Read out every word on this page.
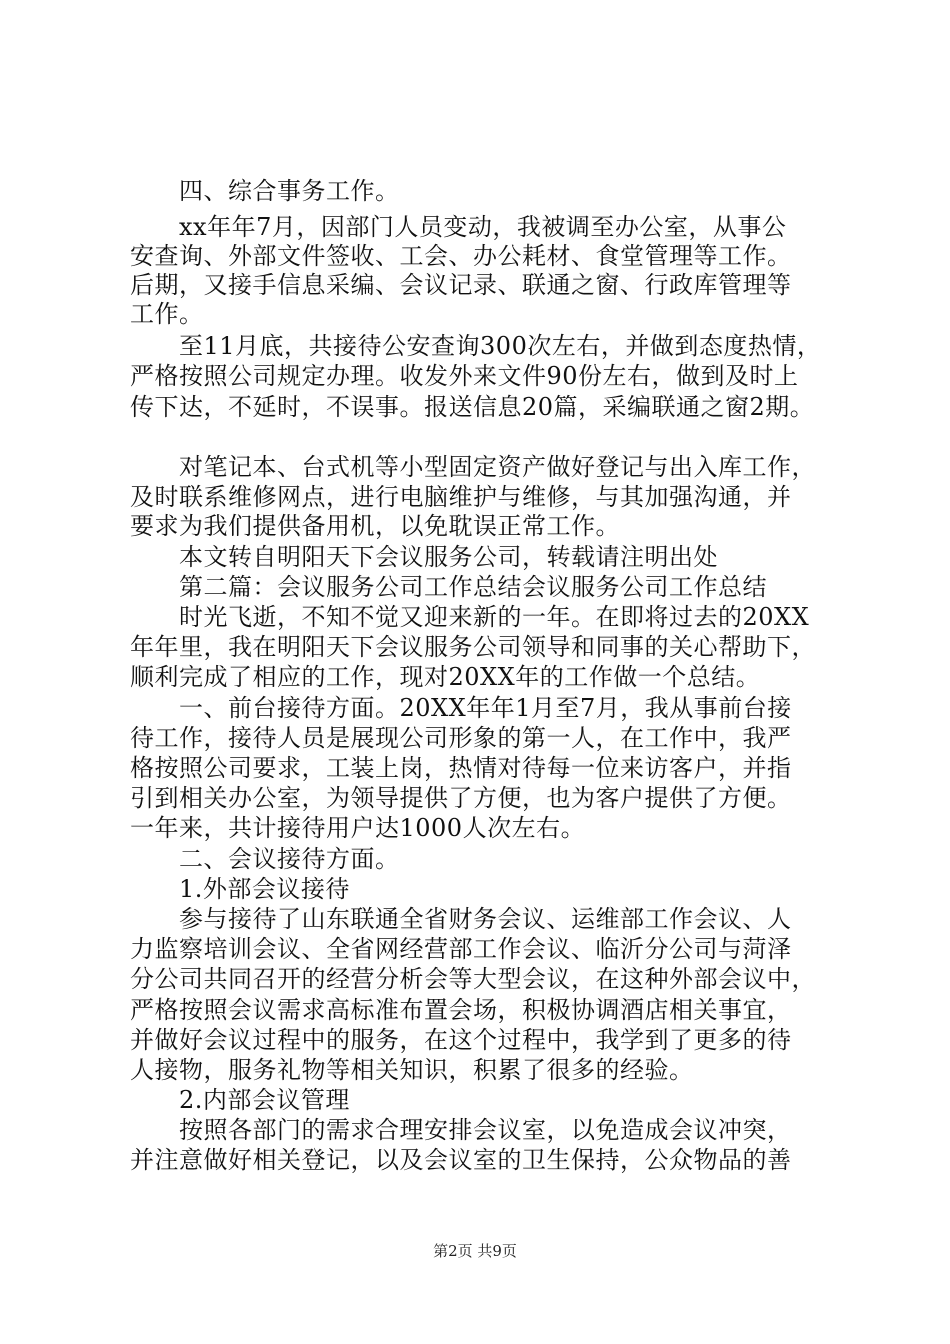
　　四、综合事务工作。
　　xx年年7月，因部门人员变动，我被调至办公室，从事公
安查询、外部文件签收、工会、办公耗材、食堂管理等工作。
后期，又接手信息采编、会议记录、联通之窗、行政库管理等
工作。
　　至11月底，共接待公安查询300次左右，并做到态度热情，
严格按照公司规定办理。收发外来文件90份左右，做到及时上
传下达，不延时，不误事。报送信息20篇，采编联通之窗2期。
　　对笔记本、台式机等小型固定资产做好登记与出入库工作，
及时联系维修网点，进行电脑维护与维修，与其加强沟通，并
要求为我们提供备用机，以免耽误正常工作。
　　本文转自明阳天下会议服务公司，转载请注明出处
　　第二篇：会议服务公司工作总结会议服务公司工作总结
　　时光飞逝，不知不觉又迎来新的一年。在即将过去的20XX
年年里，我在明阳天下会议服务公司领导和同事的关心帮助下，
顺利完成了相应的工作，现对20XX年的工作做一个总结。
　　一、前台接待方面。20XX年年1月至7月，我从事前台接
待工作，接待人员是展现公司形象的第一人，在工作中，我严
格按照公司要求，工装上岗，热情对待每一位来访客户，并指
引到相关办公室，为领导提供了方便，也为客户提供了方便。
一年来，共计接待用户达1000人次左右。
　　二、会议接待方面。
　　1.外部会议接待
　　参与接待了山东联通全省财务会议、运维部工作会议、人
力监察培训会议、全省网经营部工作会议、临沂分公司与菏泽
分公司共同召开的经营分析会等大型会议，在这种外部会议中，
严格按照会议需求高标准布置会场，积极协调酒店相关事宜，
并做好会议过程中的服务，在这个过程中，我学到了更多的待
人接物，服务礼物等相关知识，积累了很多的经验。
　　2.内部会议管理
　　按照各部门的需求合理安排会议室，以免造成会议冲突，
并注意做好相关登记，以及会议室的卫生保持，公众物品的善
第2页 共9页
